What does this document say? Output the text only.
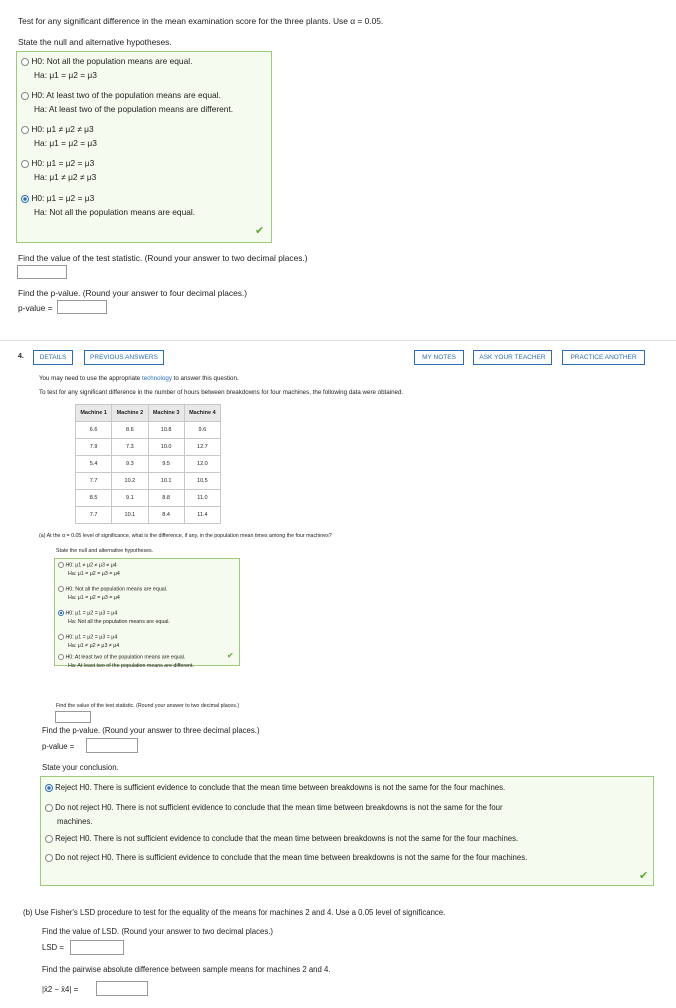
Test for any significant difference in the mean examination score for the three plants. Use α = 0.05.
State the null and alternative hypotheses.
H0: Not all the population means are equal.
Ha: μ1 = μ2 = μ3
H0: At least two of the population means are equal.
Ha: At least two of the population means are different.
H0: μ1 ≠ μ2 ≠ μ3
Ha: μ1 = μ2 = μ3
H0: μ1 = μ2 = μ3
Ha: μ1 ≠ μ2 ≠ μ3
H0: μ1 = μ2 = μ3
Ha: Not all the population means are equal.
✔
Find the value of the test statistic. (Round your answer to two decimal places.)
Find the p-value. (Round your answer to four decimal places.)
p-value =
4.	DETAILS	PREVIOUS ANSWERS	MY NOTES	ASK YOUR TEACHER	PRACTICE ANOTHER
You may need to use the appropriate technology to answer this question.
To test for any significant difference in the number of hours between breakdowns for four machines, the following data were obtained.
Machine 1	Machine 2	Machine 3	Machine 4
6.6	8.6	10.8	9.6
7.9	7.3	10.0	12.7
5.4	9.3	9.5	12.0
7.7	10.2	10.1	10.5
8.5	9.1	8.8	11.0
7.7	10.1	8.4	11.4
(a) At the α = 0.05 level of significance, what is the difference, if any, in the population mean times among the four machines?
State the null and alternative hypotheses.
H0: μ1 ≠ μ2 ≠ μ3 ≠ μ4
Ha: μ1 = μ2 = μ3 = μ4
H0: Not all the population means are equal.
Ha: μ1 = μ2 = μ3 = μ4
H0: μ1 = μ2 = μ3 = μ4
Ha: Not all the population means are equal.
H0: μ1 = μ2 = μ3 = μ4
Ha: μ1 ≠ μ2 ≠ μ3 ≠ μ4
H0: At least two of the population means are equal.
Ha: At least two of the population means are different.
✔
Find the value of the test statistic. (Round your answer to two decimal places.)
Find the p-value. (Round your answer to three decimal places.)
p-value =
State your conclusion.
Reject H0. There is sufficient evidence to conclude that the mean time between breakdowns is not the same for the four machines.
Do not reject H0. There is not sufficient evidence to conclude that the mean time between breakdowns is not the same for the four
machines.
Reject H0. There is not sufficient evidence to conclude that the mean time between breakdowns is not the same for the four machines.
Do not reject H0. There is sufficient evidence to conclude that the mean time between breakdowns is not the same for the four machines.
✔
(b) Use Fisher's LSD procedure to test for the equality of the means for machines 2 and 4. Use a 0.05 level of significance.
Find the value of LSD. (Round your answer to two decimal places.)
LSD =
Find the pairwise absolute difference between sample means for machines 2 and 4.
|x̄2 − x̄4| =
